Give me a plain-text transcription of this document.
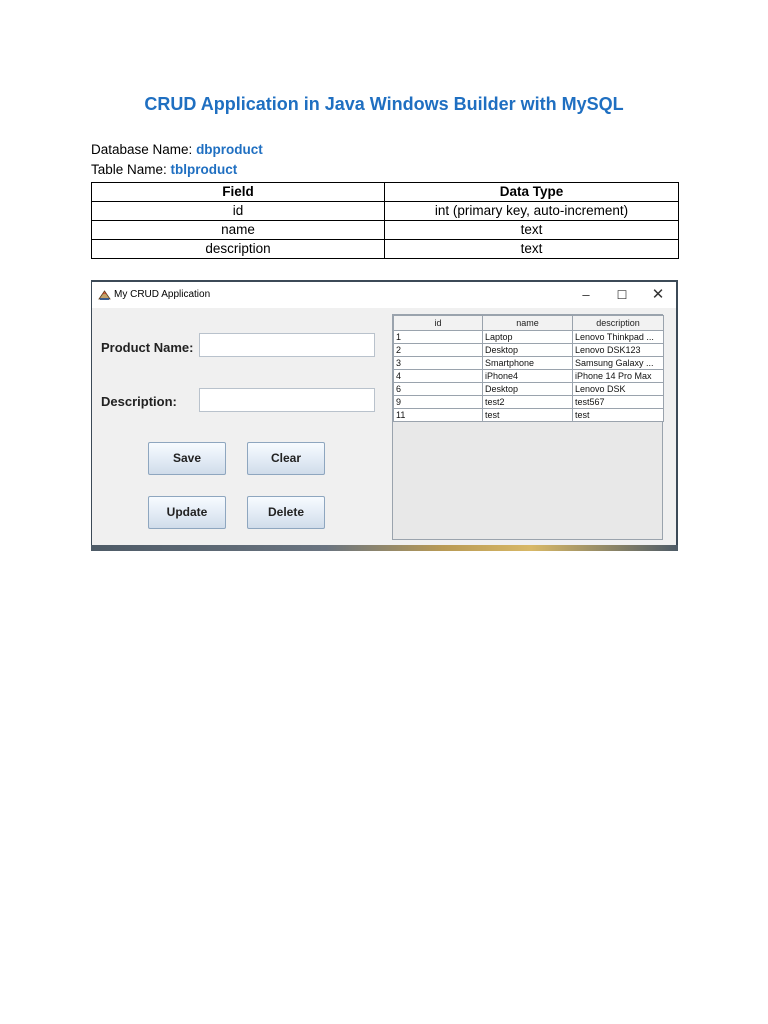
CRUD Application in Java Windows Builder with MySQL
Database Name: dbproduct
Table Name: tblproduct
Field	Data Type
id	int (primary key, auto-increment)
name	text
description	text
My CRUD Application	–	☐	✕
Product Name:
Description:
Save	Clear
Update	Delete
id	name	description
1	Laptop	Lenovo Thinkpad ...
2	Desktop	Lenovo DSK123
3	Smartphone	Samsung Galaxy ...
4	iPhone4	iPhone 14 Pro Max
6	Desktop	Lenovo DSK
9	test2	test567
11	test	test
